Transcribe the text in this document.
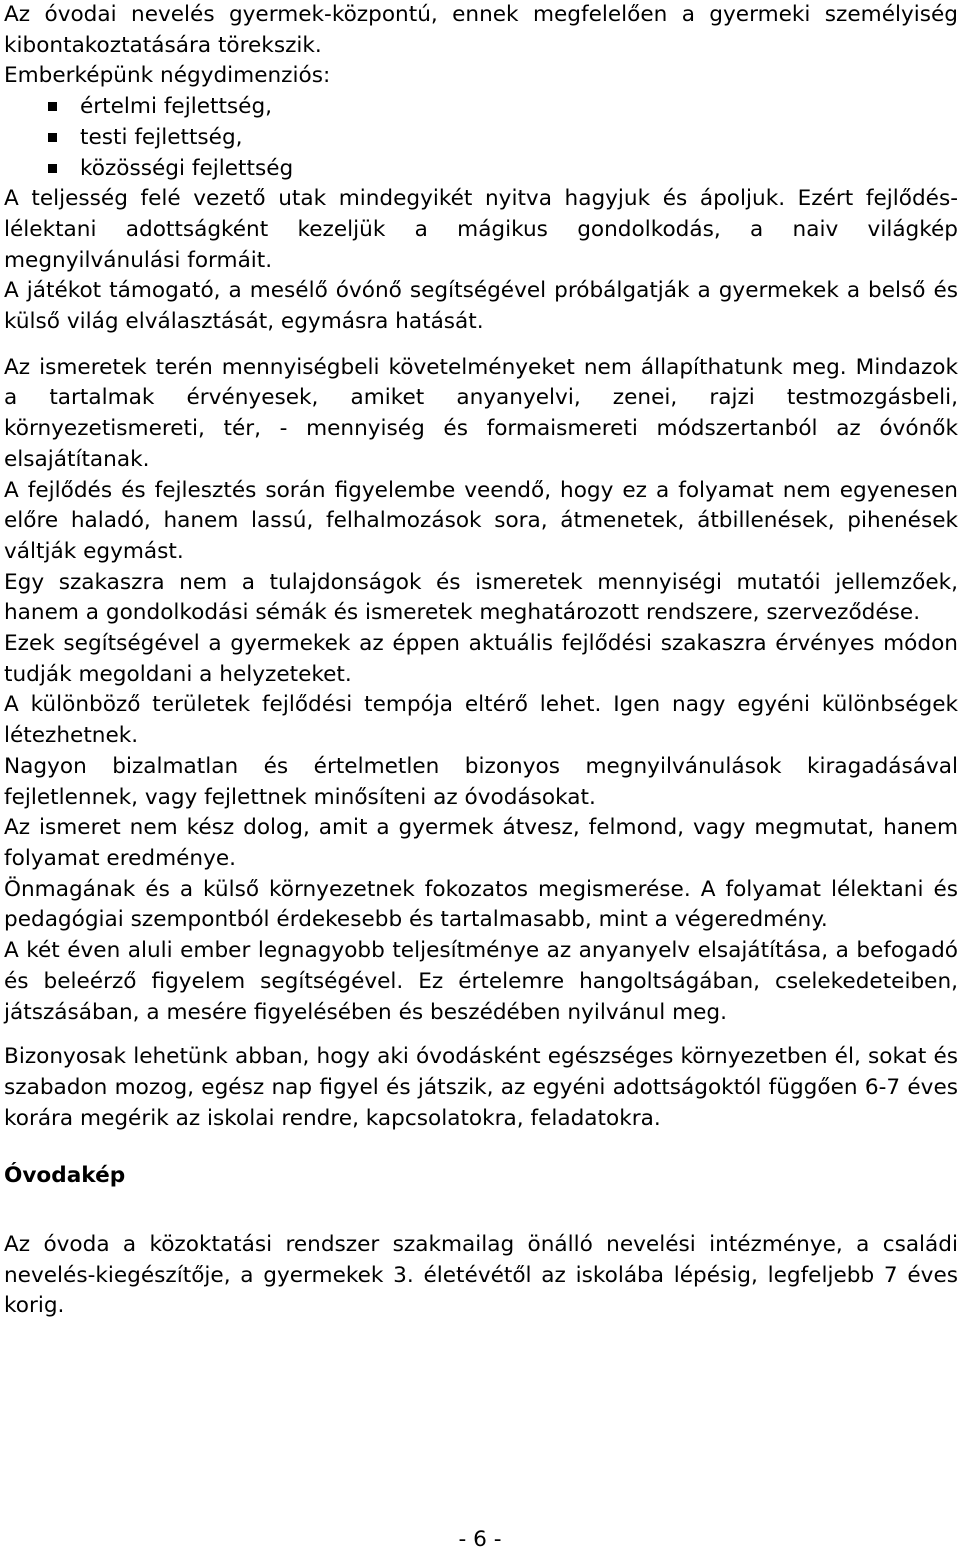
Az óvodai nevelés gyermek-központú, ennek megfelelően a gyermeki személyiség kibontakoztatására törekszik.

Emberképünk négydimenziós:

értelmi fejlettség,
testi fejlettség,
közösségi fejlettség

A teljesség felé vezető utak mindegyikét nyitva hagyjuk és ápoljuk. Ezért fejlődés-lélektani adottságként kezeljük a mágikus gondolkodás, a naiv világkép megnyilvánulási formáit.

A játékot támogató, a mesélő óvónő segítségével próbálgatják a gyermekek a belső és külső világ elválasztását, egymásra hatását.

Az ismeretek terén mennyiségbeli követelményeket nem állapíthatunk meg. Mindazok a tartalmak érvényesek, amiket anyanyelvi, zenei, rajzi testmozgásbeli, környezetismereti, tér, - mennyiség és formaismereti módszertanból az óvónők elsajátítanak.

A fejlődés és fejlesztés során figyelembe veendő, hogy ez a folyamat nem egyenesen előre haladó, hanem lassú, felhalmozások sora, átmenetek, átbillenések, pihenések váltják egymást.

Egy szakaszra nem a tulajdonságok és ismeretek mennyiségi mutatói jellemzőek, hanem a gondolkodási sémák és ismeretek meghatározott rendszere, szerveződése.

Ezek segítségével a gyermekek az éppen aktuális fejlődési szakaszra érvényes módon tudják megoldani a helyzeteket.

A különböző területek fejlődési tempója eltérő lehet. Igen nagy egyéni különbségek létezhetnek.

Nagyon bizalmatlan és értelmetlen bizonyos megnyilvánulások kiragadásával fejletlennek, vagy fejlettnek minősíteni az óvodásokat.

Az ismeret nem kész dolog, amit a gyermek átvesz, felmond, vagy megmutat, hanem folyamat eredménye.

Önmagának és a külső környezetnek fokozatos megismerése. A folyamat lélektani és pedagógiai szempontból érdekesebb és tartalmasabb, mint a végeredmény.

A két éven aluli ember legnagyobb teljesítménye az anyanyelv elsajátítása, a befogadó és beleérző figyelem segítségével. Ez értelemre hangoltságában, cselekedeteiben, játszásában, a mesére figyelésében és beszédében nyilvánul meg.

Bizonyosak lehetünk abban, hogy aki óvodásként egészséges környezetben él, sokat és szabadon mozog, egész nap figyel és játszik, az egyéni adottságoktól függően 6-7 éves korára megérik az iskolai rendre, kapcsolatokra, feladatokra.

Óvodakép

Az óvoda a közoktatási rendszer szakmailag önálló nevelési intézménye, a családi nevelés-kiegészítője, a gyermekek 3. életévétől az iskolába lépésig, legfeljebb 7 éves korig.

- 6 -
